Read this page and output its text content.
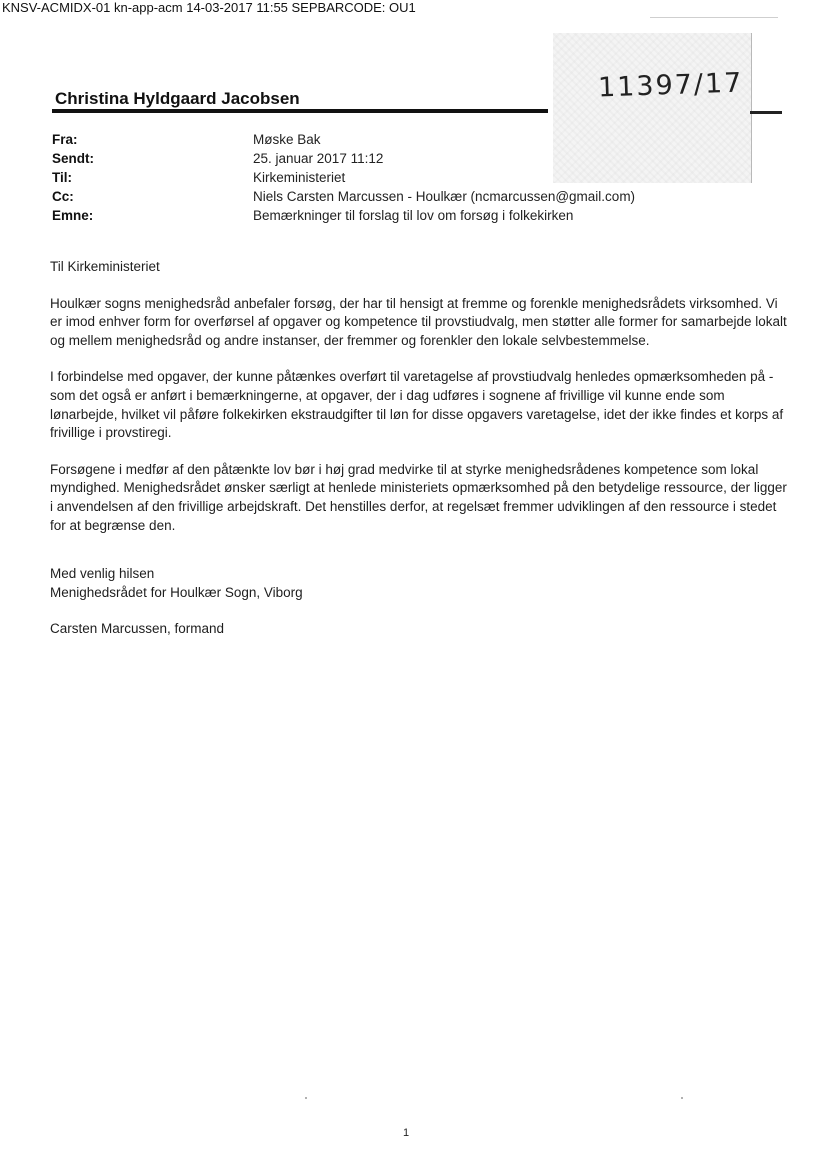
KNSV-ACMIDX-01 kn-app-acm 14-03-2017 11:55 SEPBARCODE: OU1
11397/17
Christina Hyldgaard Jacobsen
Fra:	Møske Bak
Sendt:	25. januar 2017 11:12
Til:	Kirkeministeriet
Cc:	Niels Carsten Marcussen - Houlkær (ncmarcussen@gmail.com)
Emne:	Bemærkninger til forslag til lov om forsøg i folkekirken

Til Kirkeministeriet

Houlkær sogns menighedsråd anbefaler forsøg, der har til hensigt at fremme og forenkle menighedsrådets virksomhed. Vi er imod enhver form for overførsel af opgaver og kompetence til provstiudvalg, men støtter alle former for samarbejde lokalt og mellem menighedsråd og andre instanser, der fremmer og forenkler den lokale selvbestemmelse.

I forbindelse med opgaver, der kunne påtænkes overført til varetagelse af provstiudvalg henledes opmærksomheden på - som det også er anført i bemærkningerne, at opgaver, der i dag udføres i sognene af frivillige vil kunne ende som lønarbejde, hvilket vil påføre folkekirken ekstraudgifter til løn for disse opgavers varetagelse, idet der ikke findes et korps af frivillige i provstiregi.

Forsøgene i medfør af den påtænkte lov bør i høj grad medvirke til at styrke menighedsrådenes kompetence som lokal myndighed. Menighedsrådet ønsker særligt at henlede ministeriets opmærksomhed på den betydelige ressource, der ligger i anvendelsen af den frivillige arbejdskraft. Det henstilles derfor, at regelsæt fremmer udviklingen af den ressource i stedet for at begrænse den.

Med venlig hilsen

Menighedsrådet for Houlkær Sogn, Viborg

Carsten Marcussen, formand

1
